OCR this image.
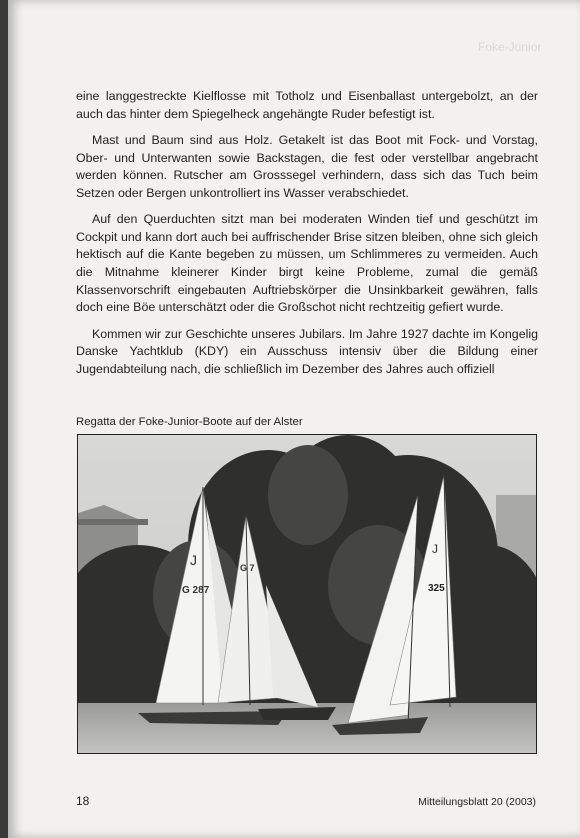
Foke-Junior

eine langgestreckte Kielflosse mit Totholz und Eisenballast untergebolzt, an der auch das hinter dem Spiegelheck angehängte Ruder befestigt ist.

Mast und Baum sind aus Holz. Getakelt ist das Boot mit Fock- und Vorstag, Ober- und Unterwanten sowie Backstagen, die fest oder verstellbar angebracht werden können. Rutscher am Grosssegel verhindern, dass sich das Tuch beim Setzen oder Bergen unkontrolliert ins Wasser verabschiedet.

Auf den Querduchten sitzt man bei moderaten Winden tief und geschützt im Cockpit und kann dort auch bei auffrischender Brise sitzen bleiben, ohne sich gleich hektisch auf die Kante begeben zu müssen, um Schlimmeres zu vermeiden. Auch die Mitnahme kleinerer Kinder birgt keine Probleme, zumal die gemäß Klassenvorschrift eingebauten Auftriebskörper die Unsinkbarkeit gewähren, falls doch eine Böe unterschätzt oder die Großschot nicht rechtzeitig gefiert wurde.

Kommen wir zur Geschichte unseres Jubilars. Im Jahre 1927 dachte im Kongelig Danske Yachtklub (KDY) ein Ausschuss intensiv über die Bildung einer Jugendabteilung nach, die schließlich im Dezember des Jahres auch offiziell

Regatta der Foke-Junior-Boote auf der Alster
G 287
G 7
325
J
J
18	Mitteilungsblatt 20 (2003)
